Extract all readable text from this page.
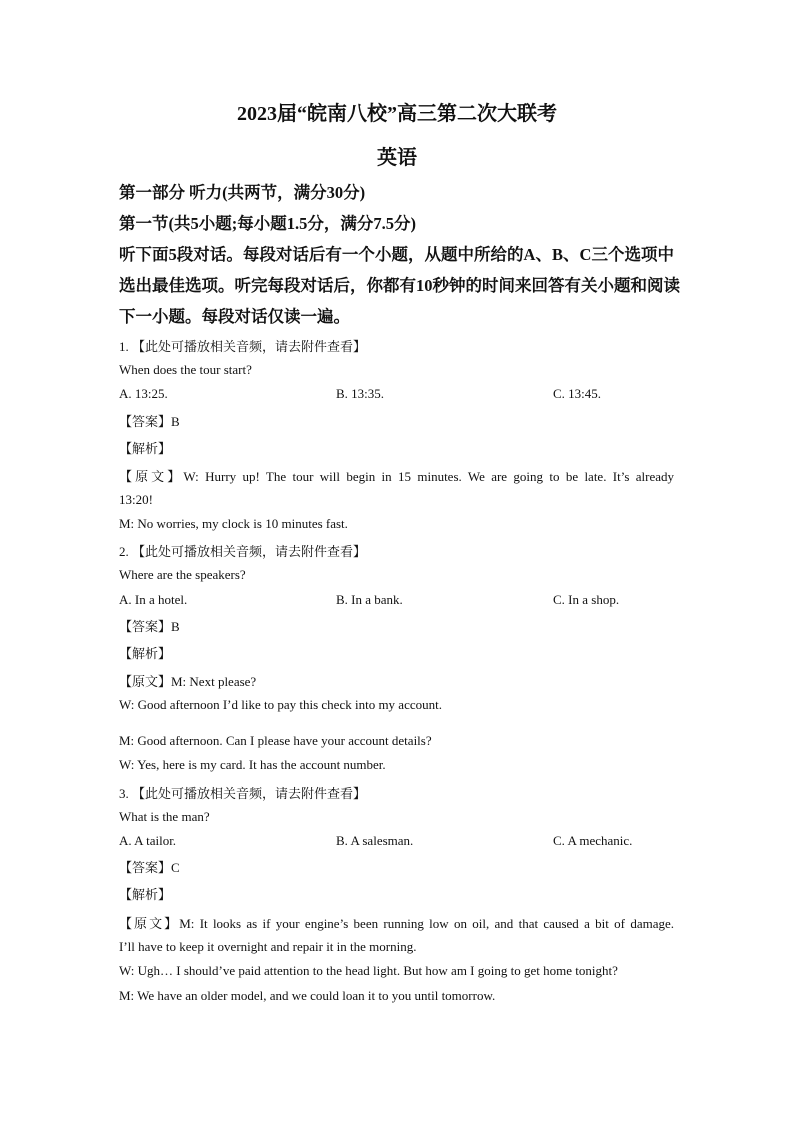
2023届“皖南八校”高三第二次大联考
英语
第一部分 听力(共两节，满分30分)
第一节(共5小题;每小题1.5分，满分7.5分)
听下面5段对话。每段对话后有一个小题，从题中所给的A、B、C三个选项中
选出最佳选项。听完每段对话后，你都有10秒钟的时间来回答有关小题和阅读
下一小题。每段对话仅读一遍。
1. 【此处可播放相关音频，请去附件查看】
When does the tour start?
A. 13:25.	B. 13:35.	C. 13:45.
【答案】B
【解析】
【原文】W: Hurry up! The tour will begin in 15 minutes. We are going to be late. It’s already
13:20!
M: No worries, my clock is 10 minutes fast.
2. 【此处可播放相关音频，请去附件查看】
Where are the speakers?
A. In a hotel.	B. In a bank.	C. In a shop.
【答案】B
【解析】
【原文】M: Next please?
W: Good afternoon I’d like to pay this check into my account.
M: Good afternoon. Can I please have your account details?
W: Yes, here is my card. It has the account number.
3. 【此处可播放相关音频，请去附件查看】
What is the man?
A. A tailor.	B. A salesman.	C. A mechanic.
【答案】C
【解析】
【原文】M: It looks as if your engine’s been running low on oil, and that caused a bit of damage.
I’ll have to keep it overnight and repair it in the morning.
W: Ugh… I should’ve paid attention to the head light. But how am I going to get home tonight?
M: We have an older model, and we could loan it to you until tomorrow.
